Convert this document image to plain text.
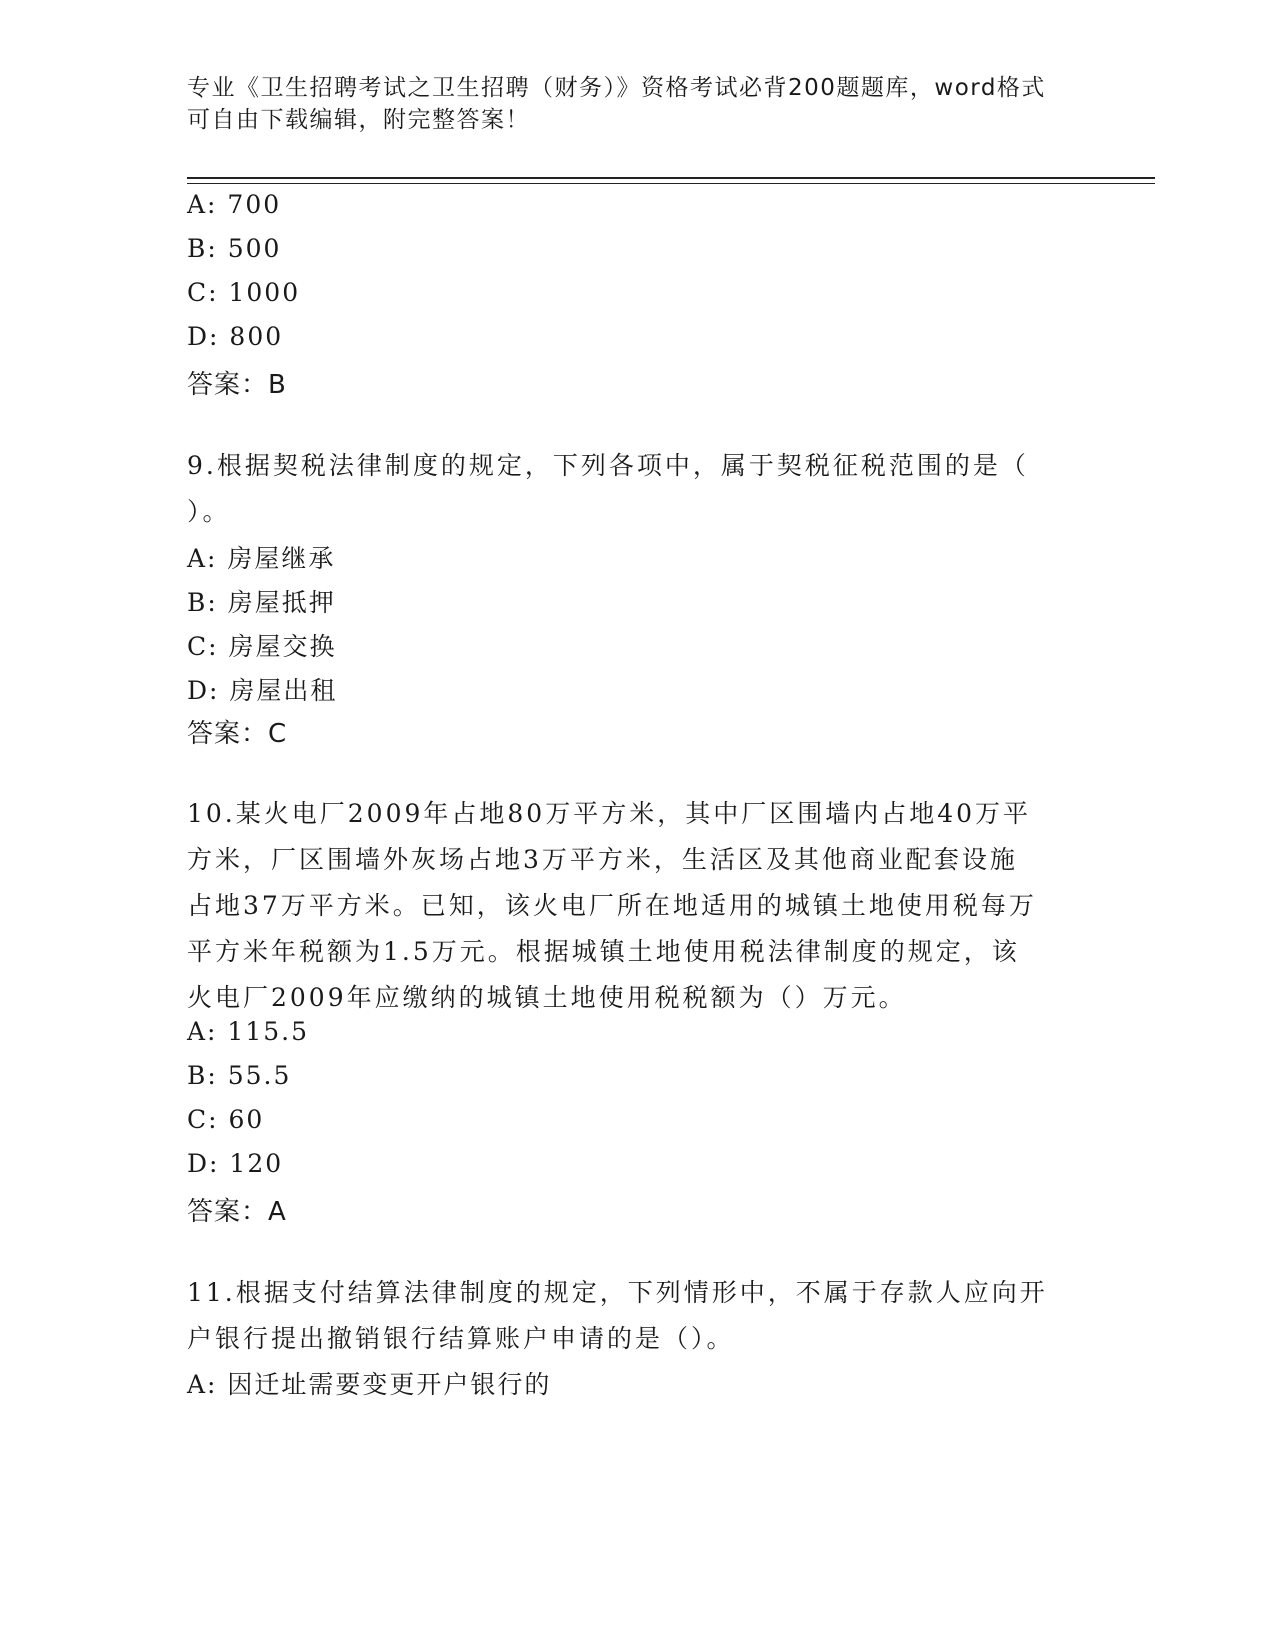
专业《卫生招聘考试之卫生招聘（财务）》资格考试必背200题题库，word格式
可自由下载编辑，附完整答案！
A: 700
B: 500
C: 1000
D: 800
答案：B
9.根据契税法律制度的规定，下列各项中，属于契税征税范围的是（
）。
A: 房屋继承
B: 房屋抵押
C: 房屋交换
D: 房屋出租
答案：C
10.某火电厂2009年占地80万平方米，其中厂区围墙内占地40万平
方米，厂区围墙外灰场占地3万平方米，生活区及其他商业配套设施
占地37万平方米。已知，该火电厂所在地适用的城镇土地使用税每万
平方米年税额为1.5万元。根据城镇土地使用税法律制度的规定，该
火电厂2009年应缴纳的城镇土地使用税税额为（）万元。
A: 115.5
B: 55.5
C: 60
D: 120
答案：A
11.根据支付结算法律制度的规定，下列情形中，不属于存款人应向开
户银行提出撤销银行结算账户申请的是（）。
A: 因迁址需要变更开户银行的
